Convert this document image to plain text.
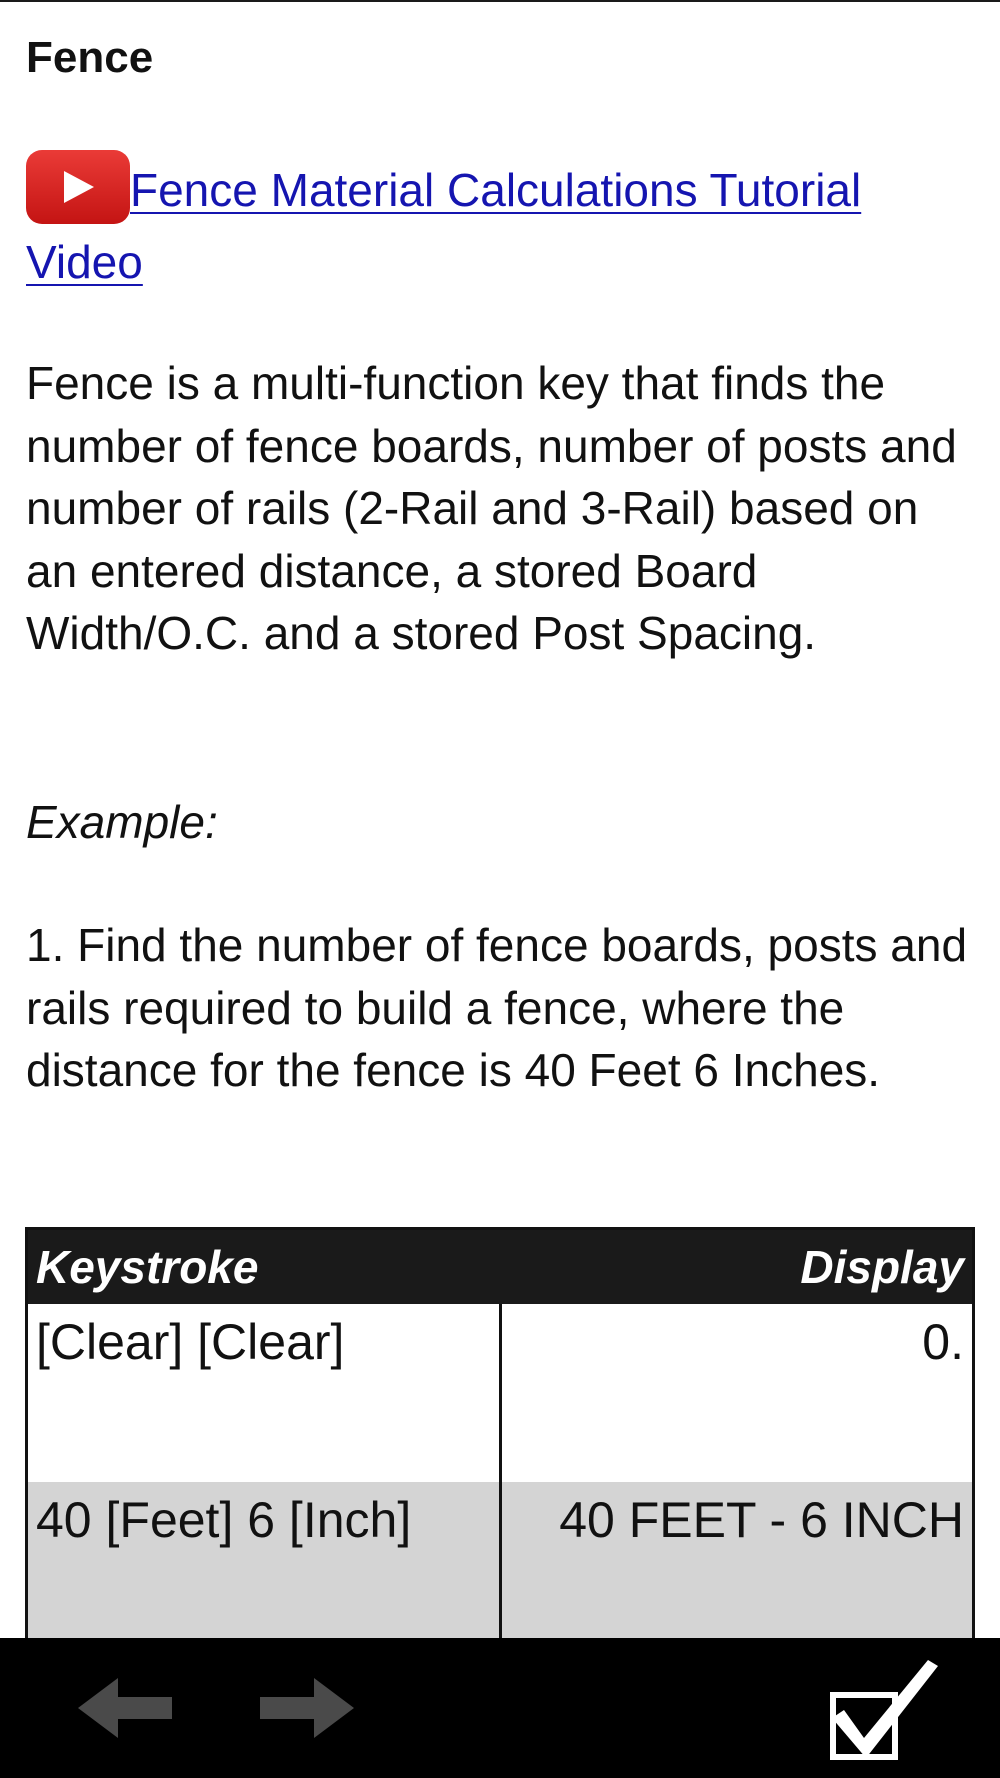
Fence
Fence Material Calculations Tutorial Video

Fence is a multi-function key that finds the number of fence boards, number of posts and number of rails (2-Rail and 3-Rail) based on an entered distance, a stored Board Width/O.C. and a stored Post Spacing.

Example:

1. Find the number of fence boards, posts and rails required to build a fence, where the distance for the fence is 40 Feet 6 Inches.

Keystroke	Display
[Clear] [Clear]	0.
40 [Feet] 6 [Inch]	40 FEET - 6 INCH
